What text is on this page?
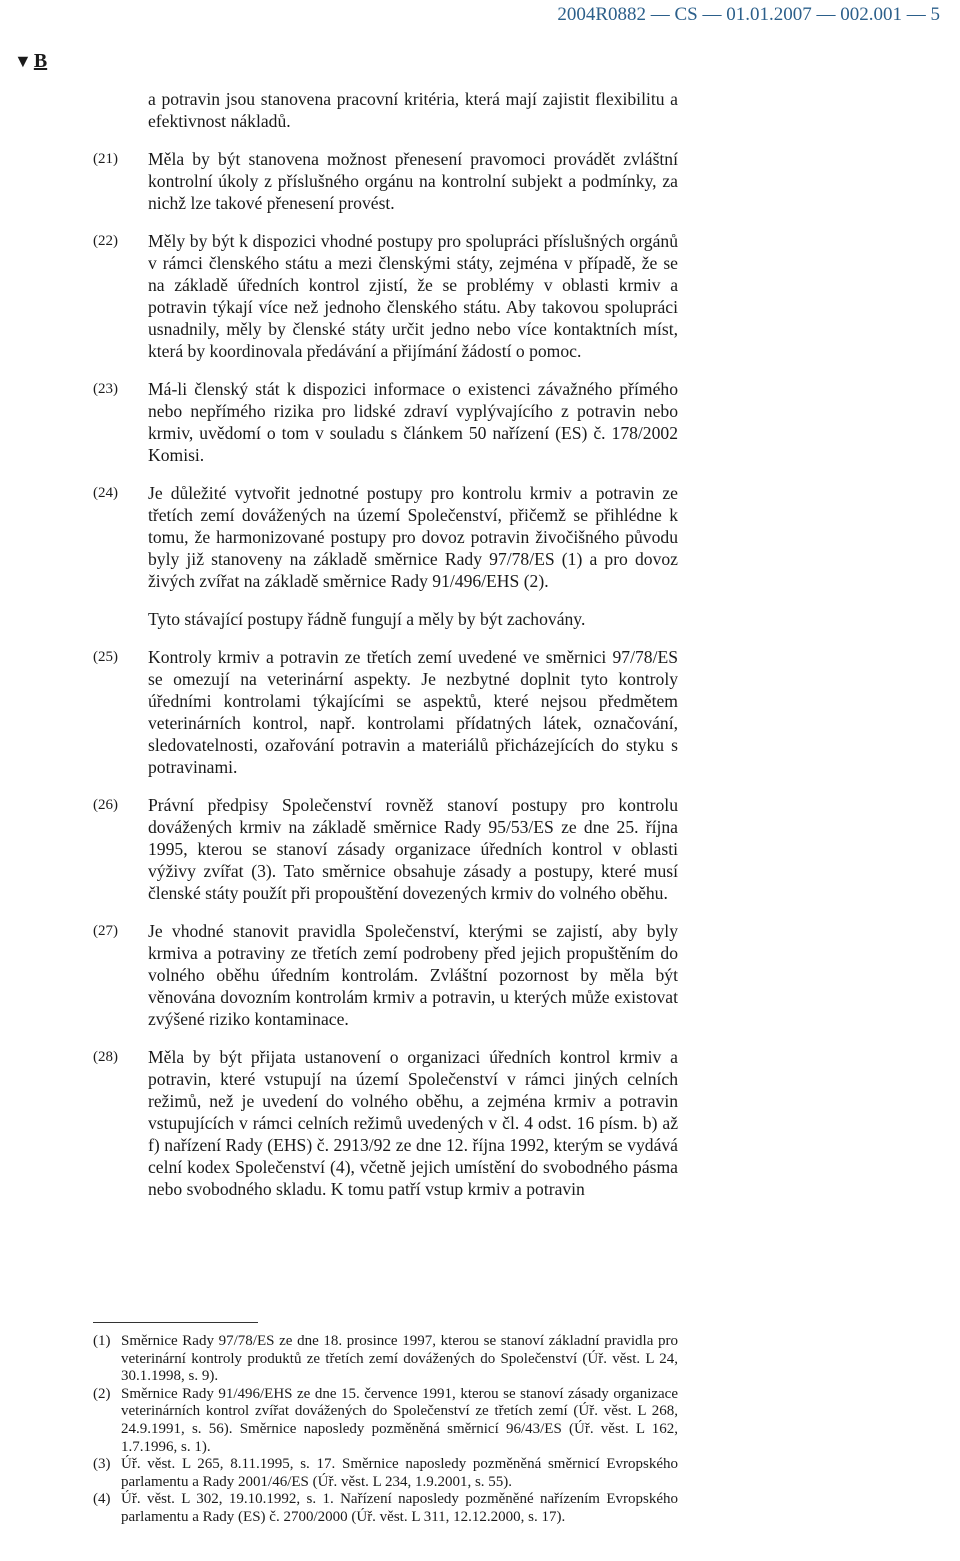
2004R0882 — CS — 01.01.2007 — 002.001 — 5
▼ B
a potravin jsou stanovena pracovní kritéria, která mají zajistit flexibilitu a efektivnost nákladů.
(21) Měla by být stanovena možnost přenesení pravomoci provádět zvláštní kontrolní úkoly z příslušného orgánu na kontrolní subjekt a podmínky, za nichž lze takové přenesení provést.
(22) Měly by být k dispozici vhodné postupy pro spolupráci příslušných orgánů v rámci členského státu a mezi členskými státy, zejména v případě, že se na základě úředních kontrol zjistí, že se problémy v oblasti krmiv a potravin týkají více než jednoho členského státu. Aby takovou spolupráci usnadnily, měly by členské státy určit jedno nebo více kontaktních míst, která by koordinovala předávání a přijímání žádostí o pomoc.
(23) Má-li členský stát k dispozici informace o existenci závažného přímého nebo nepřímého rizika pro lidské zdraví vyplývajícího z potravin nebo krmiv, uvědomí o tom v souladu s článkem 50 nařízení (ES) č. 178/2002 Komisi.
(24) Je důležité vytvořit jednotné postupy pro kontrolu krmiv a potravin ze třetích zemí dovážených na území Společenství, přičemž se přihlédne k tomu, že harmonizované postupy pro dovoz potravin živočišného původu byly již stanoveny na základě směrnice Rady 97/78/ES (1) a pro dovoz živých zvířat na základě směrnice Rady 91/496/EHS (2).
Tyto stávající postupy řádně fungují a měly by být zachovány.
(25) Kontroly krmiv a potravin ze třetích zemí uvedené ve směrnici 97/78/ES se omezují na veterinární aspekty. Je nezbytné doplnit tyto kontroly úředními kontrolami týkajícími se aspektů, které nejsou předmětem veterinárních kontrol, např. kontrolami přídatných látek, označování, sledovatelnosti, ozařování potravin a materiálů přicházejících do styku s potravinami.
(26) Právní předpisy Společenství rovněž stanoví postupy pro kontrolu dovážených krmiv na základě směrnice Rady 95/53/ES ze dne 25. října 1995, kterou se stanoví zásady organizace úředních kontrol v oblasti výživy zvířat (3). Tato směrnice obsahuje zásady a postupy, které musí členské státy použít při propouštění dovezených krmiv do volného oběhu.
(27) Je vhodné stanovit pravidla Společenství, kterými se zajistí, aby byly krmiva a potraviny ze třetích zemí podrobeny před jejich propuštěním do volného oběhu úředním kontrolám. Zvláštní pozornost by měla být věnována dovozním kontrolám krmiv a potravin, u kterých může existovat zvýšené riziko kontaminace.
(28) Měla by být přijata ustanovení o organizaci úředních kontrol krmiv a potravin, které vstupují na území Společenství v rámci jiných celních režimů, než je uvedení do volného oběhu, a zejména krmiv a potravin vstupujících v rámci celních režimů uvedených v čl. 4 odst. 16 písm. b) až f) nařízení Rady (EHS) č. 2913/92 ze dne 12. října 1992, kterým se vydává celní kodex Společenství (4), včetně jejich umístění do svobodného pásma nebo svobodného skladu. K tomu patří vstup krmiv a potravin
(1) Směrnice Rady 97/78/ES ze dne 18. prosince 1997, kterou se stanoví základní pravidla pro veterinární kontroly produktů ze třetích zemí dovážených do Společenství (Úř. věst. L 24, 30.1.1998, s. 9).
(2) Směrnice Rady 91/496/EHS ze dne 15. července 1991, kterou se stanoví zásady organizace veterinárních kontrol zvířat dovážených do Společenství ze třetích zemí (Úř. věst. L 268, 24.9.1991, s. 56). Směrnice naposledy pozměněná směrnicí 96/43/ES (Úř. věst. L 162, 1.7.1996, s. 1).
(3) Úř. věst. L 265, 8.11.1995, s. 17. Směrnice naposledy pozměněná směrnicí Evropského parlamentu a Rady 2001/46/ES (Úř. věst. L 234, 1.9.2001, s. 55).
(4) Úř. věst. L 302, 19.10.1992, s. 1. Nařízení naposledy pozměněné nařízením Evropského parlamentu a Rady (ES) č. 2700/2000 (Úř. věst. L 311, 12.12.2000, s. 17).
